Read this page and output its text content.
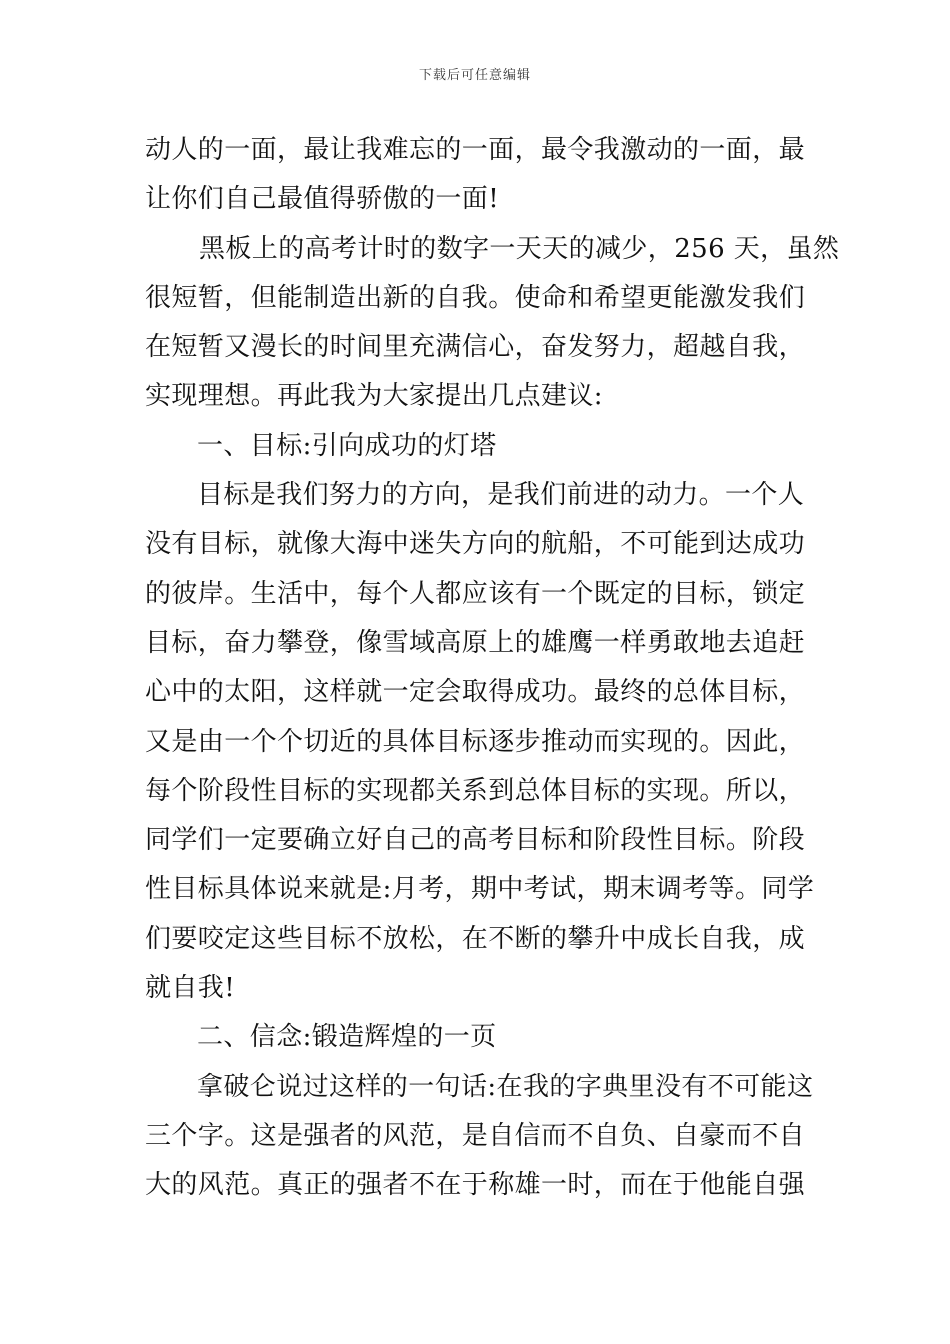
下载后可任意编辑
动人的一面，最让我难忘的一面，最令我激动的一面，最
让你们自己最值得骄傲的一面!
黑板上的高考计时的数字一天天的减少，256 天，虽然
很短暂，但能制造出新的自我。使命和希望更能激发我们
在短暂又漫长的时间里充满信心，奋发努力，超越自我，
实现理想。再此我为大家提出几点建议:
一、目标:引向成功的灯塔
目标是我们努力的方向，是我们前进的动力。一个人
没有目标，就像大海中迷失方向的航船，不可能到达成功
的彼岸。生活中，每个人都应该有一个既定的目标，锁定
目标，奋力攀登，像雪域高原上的雄鹰一样勇敢地去追赶
心中的太阳，这样就一定会取得成功。最终的总体目标，
又是由一个个切近的具体目标逐步推动而实现的。因此，
每个阶段性目标的实现都关系到总体目标的实现。所以，
同学们一定要确立好自己的高考目标和阶段性目标。阶段
性目标具体说来就是:月考，期中考试，期末调考等。同学
们要咬定这些目标不放松，在不断的攀升中成长自我，成
就自我!
二、信念:锻造辉煌的一页
拿破仑说过这样的一句话:在我的字典里没有不可能这
三个字。这是强者的风范，是自信而不自负、自豪而不自
大的风范。真正的强者不在于称雄一时，而在于他能自强
